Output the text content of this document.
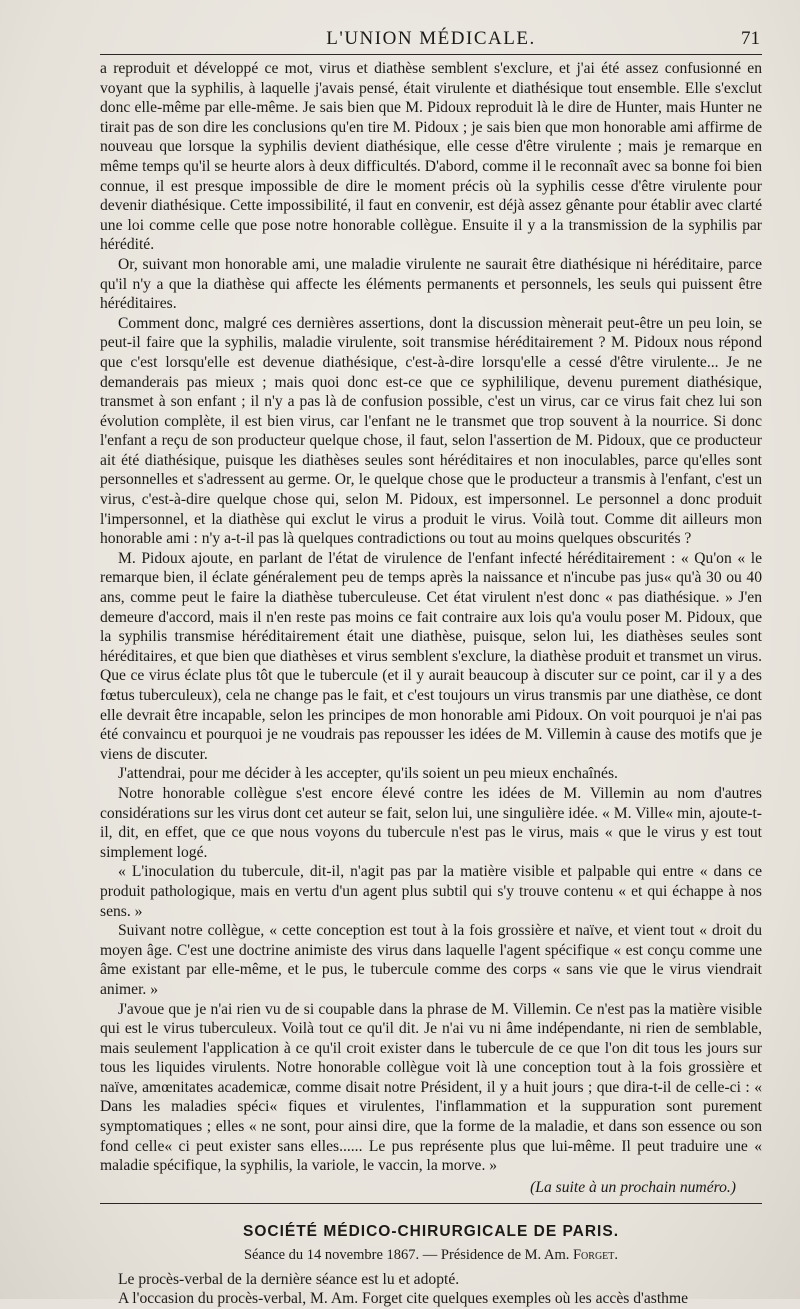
L'UNION MÉDICALE.	71

a reproduit et développé ce mot, virus et diathèse semblent s'exclure, et j'ai été assez confusionné en voyant que la syphilis, à laquelle j'avais pensé, était virulente et diathésique tout ensemble. Elle s'exclut donc elle-même par elle-même. Je sais bien que M. Pidoux reproduit là le dire de Hunter, mais Hunter ne tirait pas de son dire les conclusions qu'en tire M. Pidoux ; je sais bien que mon honorable ami affirme de nouveau que lorsque la syphilis devient diathésique, elle cesse d'être virulente ; mais je remarque en même temps qu'il se heurte alors à deux difficultés. D'abord, comme il le reconnaît avec sa bonne foi bien connue, il est presque impossible de dire le moment précis où la syphilis cesse d'être virulente pour devenir diathésique. Cette impossibilité, il faut en convenir, est déjà assez gênante pour établir avec clarté une loi comme celle que pose notre honorable collègue. Ensuite il y a la transmission de la syphilis par hérédité.

Or, suivant mon honorable ami, une maladie virulente ne saurait être diathésique ni héréditaire, parce qu'il n'y a que la diathèse qui affecte les éléments permanents et personnels, les seuls qui puissent être héréditaires.

Comment donc, malgré ces dernières assertions, dont la discussion mènerait peut-être un peu loin, se peut-il faire que la syphilis, maladie virulente, soit transmise héréditairement ? M. Pidoux nous répond que c'est lorsqu'elle est devenue diathésique, c'est-à-dire lorsqu'elle a cessé d'être virulente... Je ne demanderais pas mieux ; mais quoi donc est-ce que ce syphililique, devenu purement diathésique, transmet à son enfant ; il n'y a pas là de confusion possible, c'est un virus, car ce virus fait chez lui son évolution complète, il est bien virus, car l'enfant ne le transmet que trop souvent à la nourrice. Si donc l'enfant a reçu de son producteur quelque chose, il faut, selon l'assertion de M. Pidoux, que ce producteur ait été diathésique, puisque les diathèses seules sont héréditaires et non inoculables, parce qu'elles sont personnelles et s'adressent au germe. Or, le quelque chose que le producteur a transmis à l'enfant, c'est un virus, c'est-à-dire quelque chose qui, selon M. Pidoux, est impersonnel. Le personnel a donc produit l'impersonnel, et la diathèse qui exclut le virus a produit le virus. Voilà tout. Comme dit ailleurs mon honorable ami : n'y a-t-il pas là quelques contradictions ou tout au moins quelques obscurités ?

M. Pidoux ajoute, en parlant de l'état de virulence de l'enfant infecté héréditairement : « Qu'on « le remarque bien, il éclate généralement peu de temps après la naissance et n'incube pas jus« qu'à 30 ou 40 ans, comme peut le faire la diathèse tuberculeuse. Cet état virulent n'est donc « pas diathésique. » J'en demeure d'accord, mais il n'en reste pas moins ce fait contraire aux lois qu'a voulu poser M. Pidoux, que la syphilis transmise héréditairement était une diathèse, puisque, selon lui, les diathèses seules sont héréditaires, et que bien que diathèses et virus semblent s'exclure, la diathèse produit et transmet un virus. Que ce virus éclate plus tôt que le tubercule (et il y aurait beaucoup à discuter sur ce point, car il y a des fœtus tuberculeux), cela ne change pas le fait, et c'est toujours un virus transmis par une diathèse, ce dont elle devrait être incapable, selon les principes de mon honorable ami Pidoux. On voit pourquoi je n'ai pas été convaincu et pourquoi je ne voudrais pas repousser les idées de M. Villemin à cause des motifs que je viens de discuter.

J'attendrai, pour me décider à les accepter, qu'ils soient un peu mieux enchaînés.

Notre honorable collègue s'est encore élevé contre les idées de M. Villemin au nom d'autres considérations sur les virus dont cet auteur se fait, selon lui, une singulière idée. « M. Ville« min, ajoute-t-il, dit, en effet, que ce que nous voyons du tubercule n'est pas le virus, mais « que le virus y est tout simplement logé.

« L'inoculation du tubercule, dit-il, n'agit pas par la matière visible et palpable qui entre « dans ce produit pathologique, mais en vertu d'un agent plus subtil qui s'y trouve contenu « et qui échappe à nos sens. »

Suivant notre collègue, « cette conception est tout à la fois grossière et naïve, et vient tout « droit du moyen âge. C'est une doctrine animiste des virus dans laquelle l'agent spécifique « est conçu comme une âme existant par elle-même, et le pus, le tubercule comme des corps « sans vie que le virus viendrait animer. »

J'avoue que je n'ai rien vu de si coupable dans la phrase de M. Villemin. Ce n'est pas la matière visible qui est le virus tuberculeux. Voilà tout ce qu'il dit. Je n'ai vu ni âme indépendante, ni rien de semblable, mais seulement l'application à ce qu'il croit exister dans le tubercule de ce que l'on dit tous les jours sur tous les liquides virulents. Notre honorable collègue voit là une conception tout à la fois grossière et naïve, amœnitates academicæ, comme disait notre Président, il y a huit jours ; que dira-t-il de celle-ci : « Dans les maladies spéci« fiques et virulentes, l'inflammation et la suppuration sont purement symptomatiques ; elles « ne sont, pour ainsi dire, que la forme de la maladie, et dans son essence ou son fond celle« ci peut exister sans elles...... Le pus représente plus que lui-même. Il peut traduire une « maladie spécifique, la syphilis, la variole, le vaccin, la morve. »

(La suite à un prochain numéro.)
SOCIÉTÉ MÉDICO-CHIRURGICALE DE PARIS.
Séance du 14 novembre 1867. — Présidence de M. Am. Forget.

Le procès-verbal de la dernière séance est lu et adopté.

A l'occasion du procès-verbal, M. Am. Forget cite quelques exemples où les accès d'asthme
